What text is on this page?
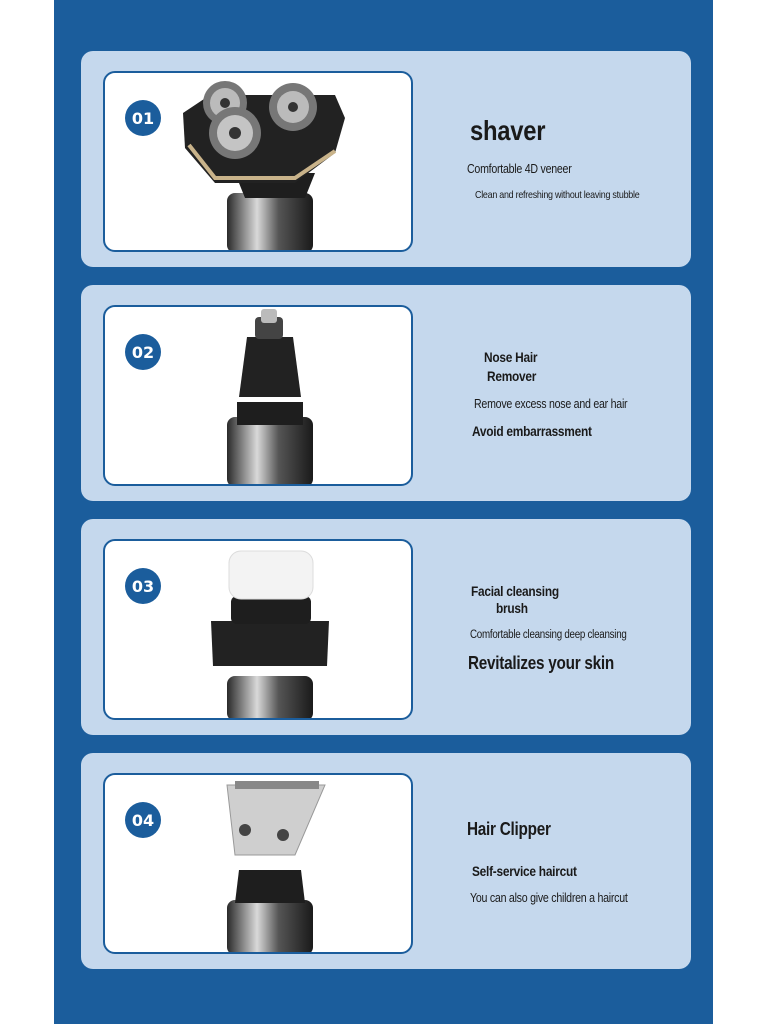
01	shaver
Comfortable 4D veneer
Clean and refreshing without leaving stubble
02	Nose Hair
Remover
Remove excess nose and ear hair
Avoid embarrassment
03	Facial cleansing
brush
Comfortable cleansing deep cleansing
Revitalizes your skin
04	Hair Clipper
Self-service haircut
You can also give children a haircut
